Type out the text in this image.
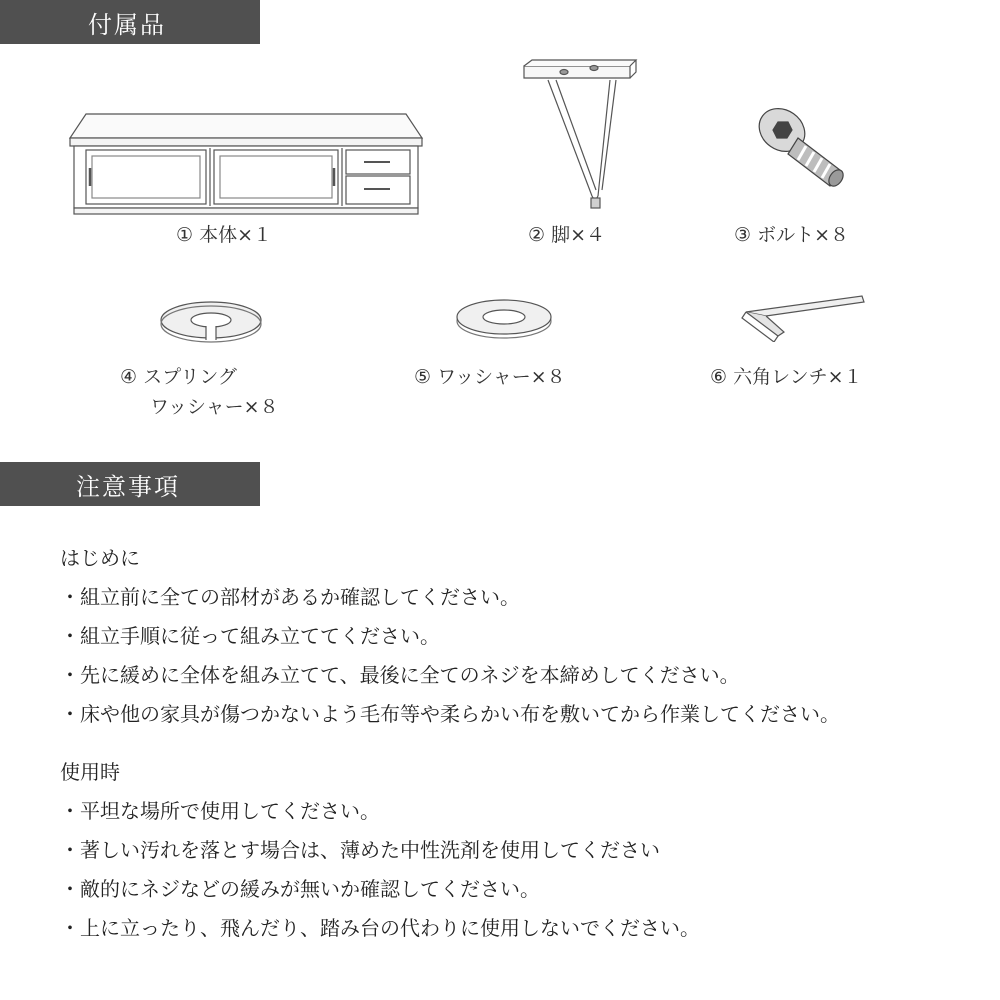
付属品
① 本体×１	② 脚×４	③ ボルト×８
④ スプリング
ワッシャー×８
⑤ ワッシャー×８	⑥ 六角レンチ×１
注意事項
はじめに
・組立前に全ての部材があるか確認してください。
・組立手順に従って組み立ててください。
・先に緩めに全体を組み立てて、最後に全てのネジを本締めしてください。
・床や他の家具が傷つかないよう毛布等や柔らかい布を敷いてから作業してください。
使用時
・平坦な場所で使用してください。
・著しい汚れを落とす場合は、薄めた中性洗剤を使用してください
・敵的にネジなどの緩みが無いか確認してください。
・上に立ったり、飛んだり、踏み台の代わりに使用しないでください。
